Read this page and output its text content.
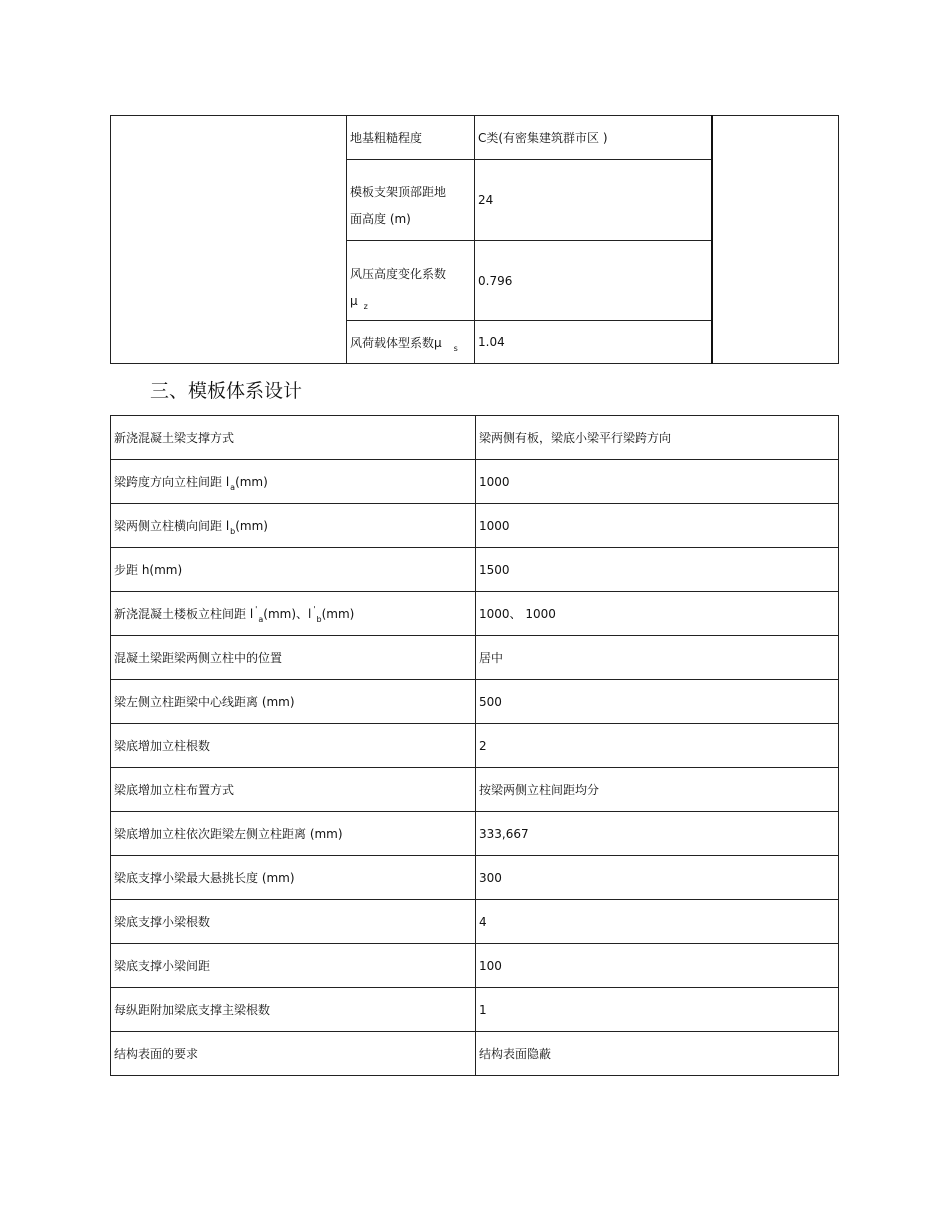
	地基粗糙程度	C类(有密集建筑群市区 )	

	模板支架顶部距地
面高度 (m)	24	

	风压高度变化系数
μ $_z$	0.796	
	风荷载体型系数μ $_s$	1.04	
三、模板体系设计
新浇混凝土梁支撑方式	梁两侧有板，梁底小梁平行梁跨方向
梁跨度方向立柱间距 $l_a(mm)$	1000
梁两侧立柱横向间距 $l_b(mm)$	1000
步距 h(mm)	1500
新浇混凝土楼板立柱间距 l '$_a$(mm)、l '$_b$(mm)	1000、 1000
混凝土梁距梁两侧立柱中的位置	居中
梁左侧立柱距梁中心线距离 (mm)	500
梁底增加立柱根数	2
梁底增加立柱布置方式	按梁两侧立柱间距均分
梁底增加立柱依次距梁左侧立柱距离 (mm)	333,667
梁底支撑小梁最大悬挑长度 (mm)	300
梁底支撑小梁根数	4
梁底支撑小梁间距	100
每纵距附加梁底支撑主梁根数	1
结构表面的要求	结构表面隐蔽
